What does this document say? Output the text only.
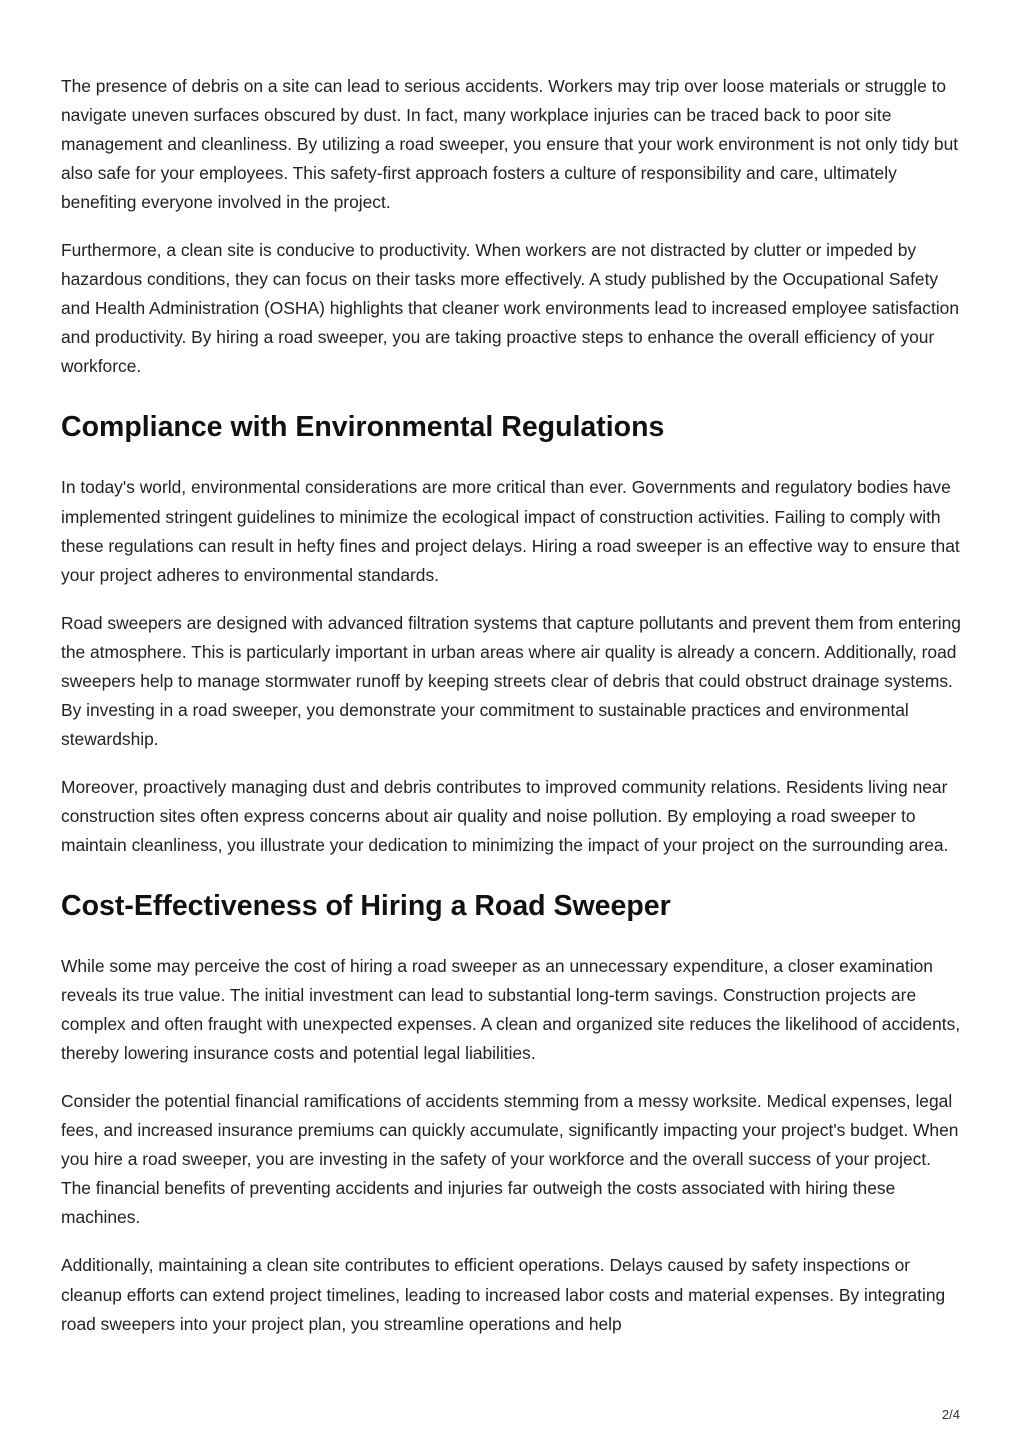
The presence of debris on a site can lead to serious accidents. Workers may trip over loose materials or struggle to navigate uneven surfaces obscured by dust. In fact, many workplace injuries can be traced back to poor site management and cleanliness. By utilizing a road sweeper, you ensure that your work environment is not only tidy but also safe for your employees. This safety-first approach fosters a culture of responsibility and care, ultimately benefiting everyone involved in the project.

Furthermore, a clean site is conducive to productivity. When workers are not distracted by clutter or impeded by hazardous conditions, they can focus on their tasks more effectively. A study published by the Occupational Safety and Health Administration (OSHA) highlights that cleaner work environments lead to increased employee satisfaction and productivity. By hiring a road sweeper, you are taking proactive steps to enhance the overall efficiency of your workforce.

Compliance with Environmental Regulations

In today's world, environmental considerations are more critical than ever. Governments and regulatory bodies have implemented stringent guidelines to minimize the ecological impact of construction activities. Failing to comply with these regulations can result in hefty fines and project delays. Hiring a road sweeper is an effective way to ensure that your project adheres to environmental standards.

Road sweepers are designed with advanced filtration systems that capture pollutants and prevent them from entering the atmosphere. This is particularly important in urban areas where air quality is already a concern. Additionally, road sweepers help to manage stormwater runoff by keeping streets clear of debris that could obstruct drainage systems. By investing in a road sweeper, you demonstrate your commitment to sustainable practices and environmental stewardship.

Moreover, proactively managing dust and debris contributes to improved community relations. Residents living near construction sites often express concerns about air quality and noise pollution. By employing a road sweeper to maintain cleanliness, you illustrate your dedication to minimizing the impact of your project on the surrounding area.

Cost-Effectiveness of Hiring a Road Sweeper

While some may perceive the cost of hiring a road sweeper as an unnecessary expenditure, a closer examination reveals its true value. The initial investment can lead to substantial long-term savings. Construction projects are complex and often fraught with unexpected expenses. A clean and organized site reduces the likelihood of accidents, thereby lowering insurance costs and potential legal liabilities.

Consider the potential financial ramifications of accidents stemming from a messy worksite. Medical expenses, legal fees, and increased insurance premiums can quickly accumulate, significantly impacting your project's budget. When you hire a road sweeper, you are investing in the safety of your workforce and the overall success of your project. The financial benefits of preventing accidents and injuries far outweigh the costs associated with hiring these machines.

Additionally, maintaining a clean site contributes to efficient operations. Delays caused by safety inspections or cleanup efforts can extend project timelines, leading to increased labor costs and material expenses. By integrating road sweepers into your project plan, you streamline operations and help

2/4
